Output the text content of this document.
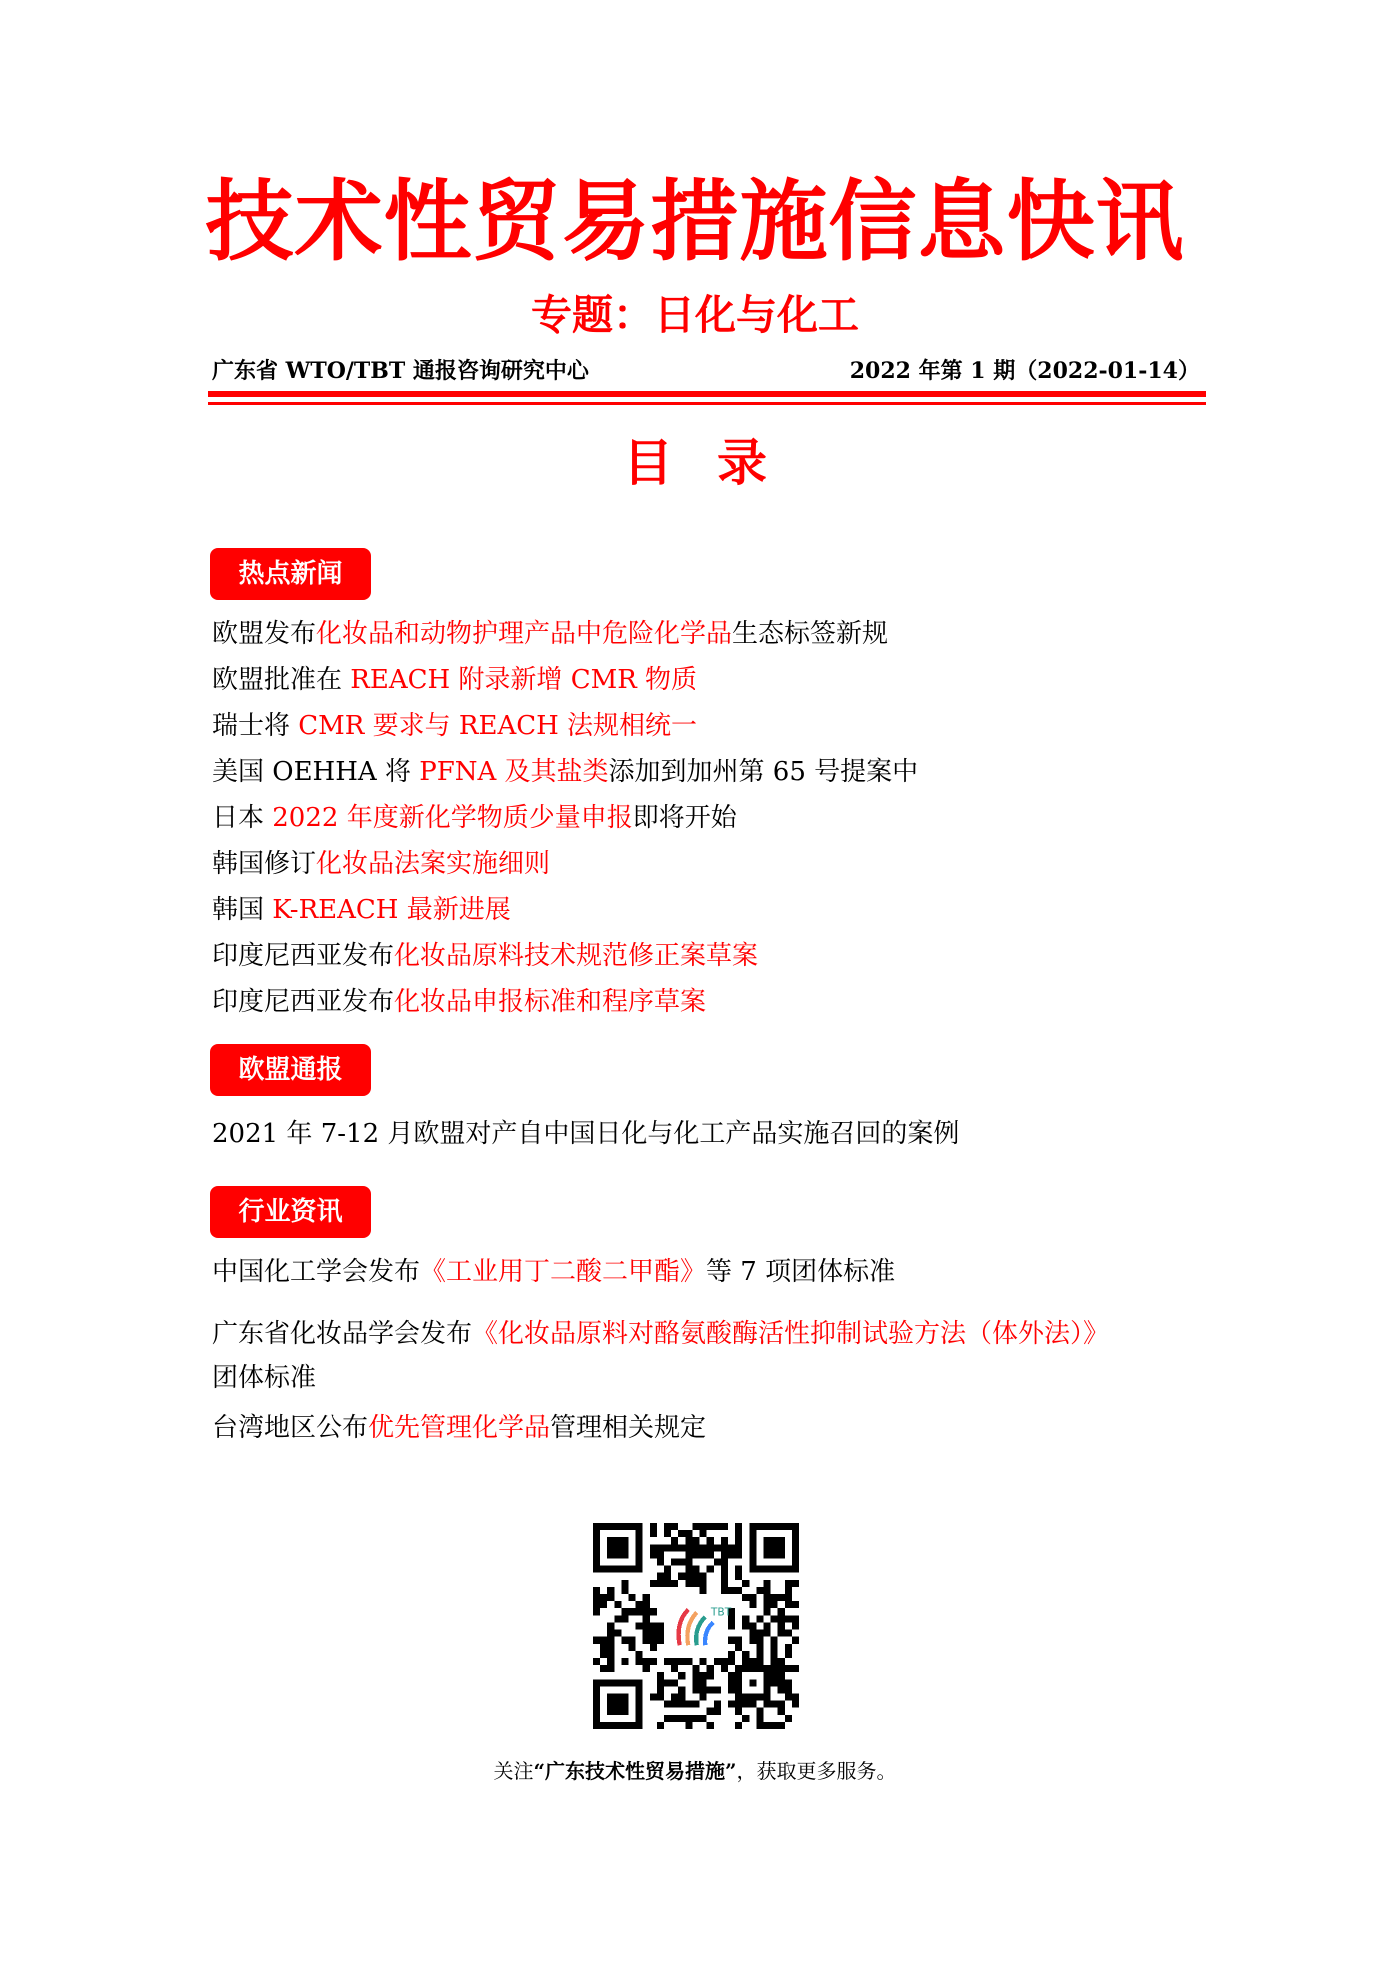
技术性贸易措施信息快讯
专题：日化与化工
广东省 WTO/TBT 通报咨询研究中心	2022 年第 1 期（2022-01-14）
目录
热点新闻
欧盟发布化妆品和动物护理产品中危险化学品生态标签新规
欧盟批准在 REACH 附录新增 CMR 物质
瑞士将 CMR 要求与 REACH 法规相统一
美国 OEHHA 将 PFNA 及其盐类添加到加州第 65 号提案中
日本 2022 年度新化学物质少量申报即将开始
韩国修订化妆品法案实施细则
韩国 K-REACH 最新进展
印度尼西亚发布化妆品原料技术规范修正案草案
印度尼西亚发布化妆品申报标准和程序草案
欧盟通报
2021 年 7-12 月欧盟对产自中国日化与化工产品实施召回的案例
行业资讯
中国化工学会发布《工业用丁二酸二甲酯》等 7 项团体标准
广东省化妆品学会发布《化妆品原料对酪氨酸酶活性抑制试验方法（体外法）》
团体标准
台湾地区公布优先管理化学品管理相关规定
TBT
关注“广东技术性贸易措施”，获取更多服务。
